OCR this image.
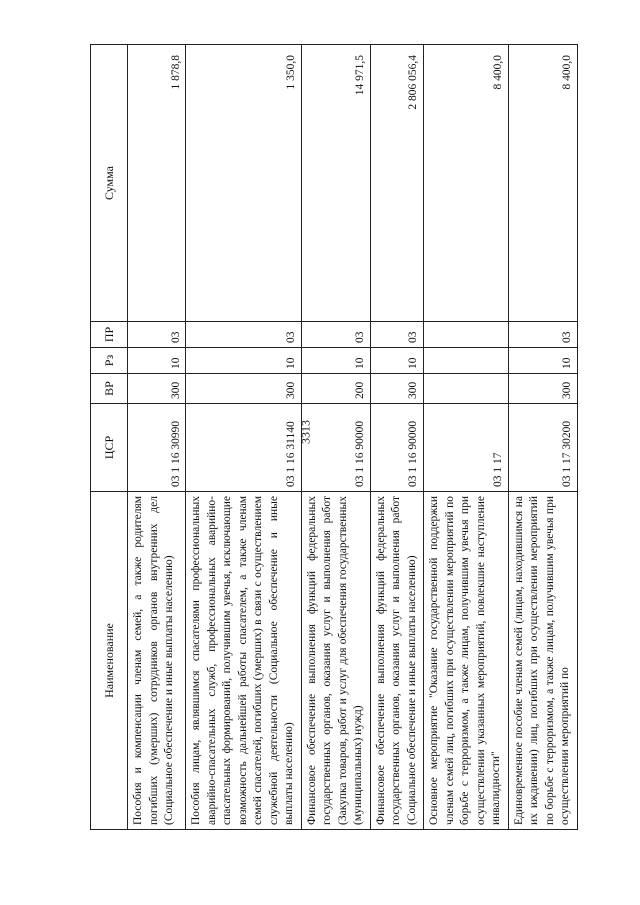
3313
Наименование	ЦСР	ВР	Рз	ПР	Сумма
Пособия и компенсации членам семей, а также родителям погибших (умерших) сотрудников органов внутренних дел (Социальное обеспечение и иные выплаты населению)	03 1 16 30990	300	10	03	1 878,8
Пособия лицам, являвшимся спасателями профессиональных аварийно-спасательных служб, профессиональных аварийно-спасательных формирований, получившим увечья, исключающие возможность дальнейшей работы спасателем, а также членам семей спасателей, погибших (умерших) в связи с осуществлением служебной деятельности (Социальное обеспечение и иные выплаты населению)	03 1 16 31140	300	10	03	1 350,0
Финансовое обеспечение выполнения функций федеральных государственных органов, оказания услуг и выполнения работ (Закупка товаров, работ и услуг для обеспечения государственных (муниципальных) нужд)	03 1 16 90000	200	10	03	14 971,5
Финансовое обеспечение выполнения функций федеральных государственных органов, оказания услуг и выполнения работ (Социальное обеспечение и иные выплаты населению)	03 1 16 90000	300	10	03	2 806 056,4
Основное мероприятие "Оказание государственной поддержки членам семей лиц, погибших при осуществлении мероприятий по борьбе с терроризмом, а также лицам, получившим увечья при осуществлении указанных мероприятий, повлекшие наступление инвалидности"	03 1 17				8 400,0
Единовременное пособие членам семей (лицам, находившимся на их иждивении) лиц, погибших при осуществлении мероприятий по борьбе с терроризмом, а также лицам, получившим увечья при осуществлении мероприятий по	03 1 17 30200	300	10	03	8 400,0
